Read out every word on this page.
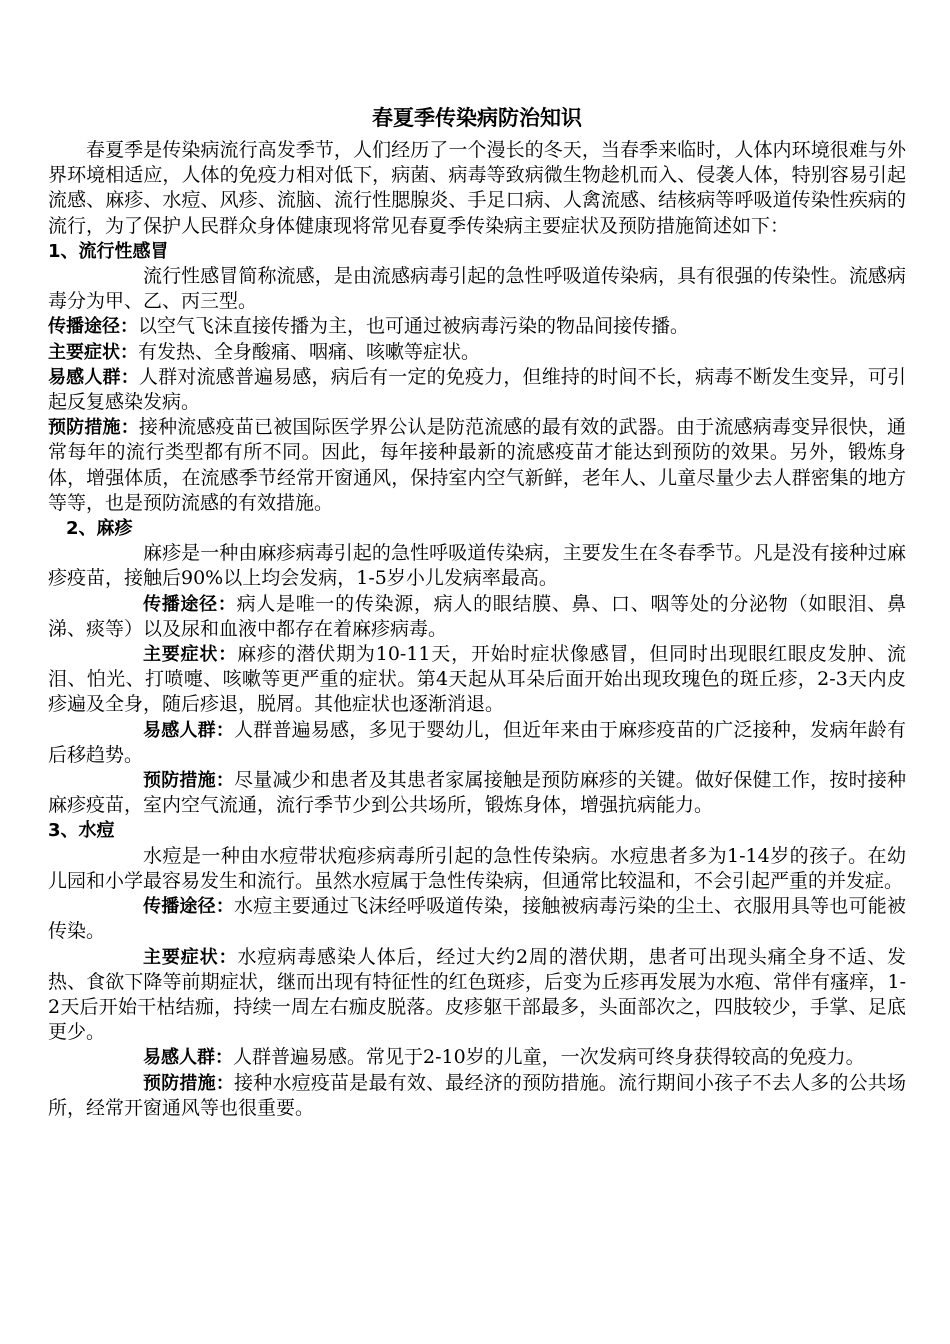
春夏季传染病防治知识

春夏季是传染病流行高发季节，人们经历了一个漫长的冬天，当春季来临时，人体内环境很难与外界环境相适应，人体的免疫力相对低下，病菌、病毒等致病微生物趁机而入、侵袭人体，特别容易引起流感、麻疹、水痘、风疹、流脑、流行性腮腺炎、手足口病、人禽流感、结核病等呼吸道传染性疾病的流行，为了保护人民群众身体健康现将常见春夏季传染病主要症状及预防措施简述如下：

1、流行性感冒

流行性感冒简称流感，是由流感病毒引起的急性呼吸道传染病，具有很强的传染性。流感病毒分为甲、乙、丙三型。

传播途径：以空气飞沫直接传播为主，也可通过被病毒污染的物品间接传播。

主要症状：有发热、全身酸痛、咽痛、咳嗽等症状。

易感人群：人群对流感普遍易感，病后有一定的免疫力，但维持的时间不长，病毒不断发生变异，可引起反复感染发病。

预防措施：接种流感疫苗已被国际医学界公认是防范流感的最有效的武器。由于流感病毒变异很快，通常每年的流行类型都有所不同。因此，每年接种最新的流感疫苗才能达到预防的效果。另外，锻炼身体，增强体质，在流感季节经常开窗通风，保持室内空气新鲜，老年人、儿童尽量少去人群密集的地方等等，也是预防流感的有效措施。

2、麻疹

麻疹是一种由麻疹病毒引起的急性呼吸道传染病，主要发生在冬春季节。凡是没有接种过麻疹疫苗，接触后90%以上均会发病，1-5岁小儿发病率最高。

传播途径：病人是唯一的传染源，病人的眼结膜、鼻、口、咽等处的分泌物（如眼泪、鼻涕、痰等）以及尿和血液中都存在着麻疹病毒。

主要症状：麻疹的潜伏期为10-11天，开始时症状像感冒，但同时出现眼红眼皮发肿、流泪、怕光、打喷嚏、咳嗽等更严重的症状。第4天起从耳朵后面开始出现玫瑰色的斑丘疹，2-3天内皮疹遍及全身，随后疹退，脱屑。其他症状也逐渐消退。

易感人群：人群普遍易感，多见于婴幼儿，但近年来由于麻疹疫苗的广泛接种，发病年龄有后移趋势。

预防措施：尽量减少和患者及其患者家属接触是预防麻疹的关键。做好保健工作，按时接种麻疹疫苗，室内空气流通，流行季节少到公共场所，锻炼身体，增强抗病能力。

3、水痘

水痘是一种由水痘带状疱疹病毒所引起的急性传染病。水痘患者多为1-14岁的孩子。在幼儿园和小学最容易发生和流行。虽然水痘属于急性传染病，但通常比较温和，不会引起严重的并发症。

传播途径：水痘主要通过飞沫经呼吸道传染，接触被病毒污染的尘土、衣服用具等也可能被传染。

主要症状：水痘病毒感染人体后，经过大约2周的潜伏期，患者可出现头痛全身不适、发热、食欲下降等前期症状，继而出现有特征性的红色斑疹，后变为丘疹再发展为水疱、常伴有瘙痒，1-2天后开始干枯结痂，持续一周左右痂皮脱落。皮疹躯干部最多，头面部次之，四肢较少，手掌、足底更少。

易感人群：人群普遍易感。常见于2-10岁的儿童，一次发病可终身获得较高的免疫力。

预防措施：接种水痘疫苗是最有效、最经济的预防措施。流行期间小孩子不去人多的公共场所，经常开窗通风等也很重要。
